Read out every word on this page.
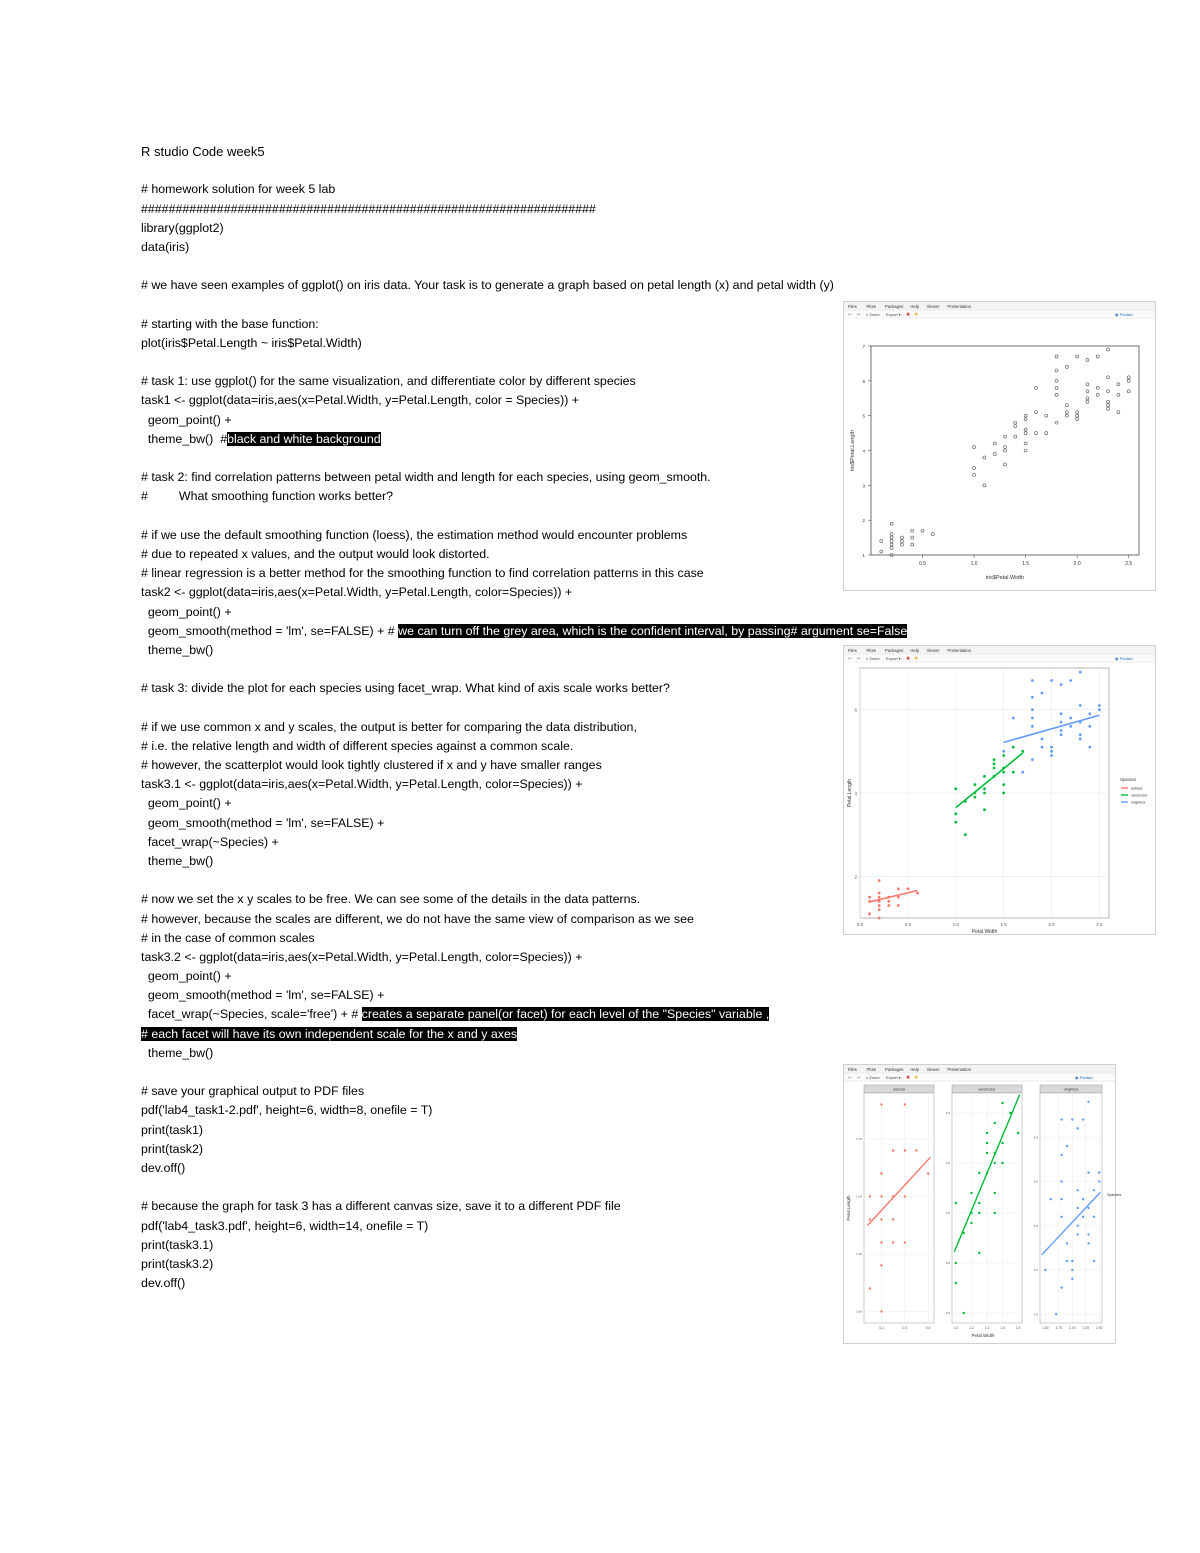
R studio Code week5
# homework solution for week 5 lab
##################################################################
library(ggplot2)
data(iris)
# we have seen examples of ggplot() on iris data. Your task is to generate a graph based on petal length (x) and petal width (y)
# starting with the base function:
plot(iris$Petal.Length ~ iris$Petal.Width)
# task 1: use ggplot() for the same visualization, and differentiate color by different species
task1 <- ggplot(data=iris,aes(x=Petal.Width, y=Petal.Length, color = Species)) +
geom_point() +
theme_bw()  #black and white background
# task 2: find correlation patterns between petal width and length for each species, using geom_smooth.
#         What smoothing function works better?
# if we use the default smoothing function (loess), the estimation method would encounter problems
# due to repeated x values, and the output would look distorted.
# linear regression is a better method for the smoothing function to find correlation patterns in this case
task2 <- ggplot(data=iris,aes(x=Petal.Width, y=Petal.Length, color=Species)) +
geom_point() +
geom_smooth(method = 'lm', se=FALSE) + # we can turn off the grey area, which is the confident interval, by passing# argument se=False
theme_bw()
# task 3: divide the plot for each species using facet_wrap. What kind of axis scale works better?
# if we use common x and y scales, the output is better for comparing the data distribution,
# i.e. the relative length and width of different species against a common scale.
# however, the scatterplot would look tightly clustered if x and y have smaller ranges
task3.1 <- ggplot(data=iris,aes(x=Petal.Width, y=Petal.Length, color=Species)) +
geom_point() +
geom_smooth(method = 'lm', se=FALSE) +
facet_wrap(~Species) +
theme_bw()
# now we set the x y scales to be free. We can see some of the details in the data patterns.
# however, because the scales are different, we do not have the same view of comparison as we see
# in the case of common scales
task3.2 <- ggplot(data=iris,aes(x=Petal.Width, y=Petal.Length, color=Species)) +
geom_point() +
geom_smooth(method = 'lm', se=FALSE) +
facet_wrap(~Species, scale='free') + # creates a separate panel(or facet) for each level of the "Species" variable ,
# each facet will have its own independent scale for the x and y axes
theme_bw()
# save your graphical output to PDF files
pdf('lab4_task1-2.pdf', height=6, width=8, onefile = T)
print(task1)
print(task2)
dev.off()
# because the graph for task 3 has a different canvas size, save it to a different PDF file
pdf('lab4_task3.pdf', height=6, width=14, onefile = T)
print(task3.1)
print(task3.2)
dev.off()
Files Plots Packages Help Viewer Presentation
← → ⌕ Zoom Export ▾ ✖ ✲	◉ Publish
0.5	1.0	1.5	2.0	2.5
1
2
3
4
5
6
7
iris$Petal.Width
iris$Petal.Length
Files Plots Packages Help Viewer Presentation
← → ⌕ Zoom Export ▾ ✖ ✲	◉ Publish
0.0	0.5	1.0	1.5	2.0	2.5
2
4
6
Petal.Width
Petal.Length	Species
setosa
versicolor
virginica
Files Plots Packages Help Viewer Presentation
← → ⌕ Zoom Export ▾ ✖ ✲	◉ Publish
setosa
0.2	0.4	0.6
1.00
1.25
1.50
1.75
versicolor
1.0	1.2	1.4	1.6	1.8
3.0
3.5
4.0
4.5
5.0
virginica
1.50 1.75 2.00 2.25 2.50
4.5
5.0
5.5
6.0
6.5
Petal.Width
Petal.Length
Species
